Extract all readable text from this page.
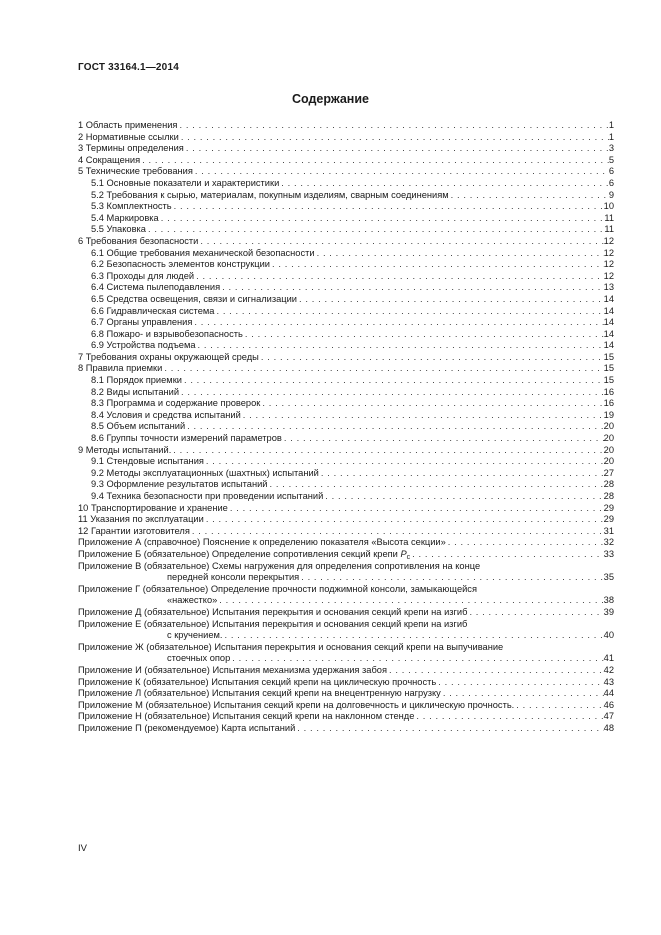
ГОСТ 33164.1—2014
Содержание
1 Область применения . . .	1
2 Нормативные ссылки . . .	1
3 Термины определения . . .	3
4 Сокращения . . .	5
5 Технические требования . . .	6
5.1 Основные показатели и характеристики . . .	6
5.2 Требования к сырью, материалам, покупным изделиям, сварным соединениям . . .	9
5.3 Комплектность . . .	10
5.4 Маркировка . . .	11
5.5 Упаковка . . .	11
6 Требования безопасности . . .	12
6.1 Общие требования механической безопасности . . .	12
6.2 Безопасность элементов конструкции . . .	12
6.3 Проходы для людей . . .	12
6.4 Система пылеподавления . . .	13
6.5 Средства освещения, связи и сигнализации . . .	14
6.6 Гидравлическая система . . .	14
6.7 Органы управления . . .	14
6.8 Пожаро- и взрывобезопасность . . .	14
6.9 Устройства подъема . . .	14
7 Требования охраны окружающей среды . . .	15
8 Правила приемки . . .	15
8.1 Порядок приемки . . .	15
8.2 Виды испытаний . . .	16
8.3 Программа и содержание проверок . . .	16
8.4 Условия и средства испытаний . . .	19
8.5 Объем испытаний . . .	20
8.6 Группы точности измерений параметров . . .	20
9 Методы испытаний. . . .	20
9.1 Стендовые испытания . . .	20
9.2 Методы эксплуатационных (шахтных) испытаний . . .	27
9.3 Оформление результатов испытаний . . .	28
9.4 Техника безопасности при проведении испытаний . . .	28
10 Транспортирование и хранение . . .	29
11 Указания по эксплуатации . . .	29
12 Гарантии изготовителя . . .	31
Приложение А (справочное) Пояснение к определению показателя «Высота секции» . . .	32
Приложение Б (обязательное) Определение сопротивления секций крепи $P_c$ . . .	33
Приложение В (обязательное) Схемы нагружения для определения сопротивления на конце
передней консоли перекрытия . . .	35
Приложение Г (обязательное) Определение прочности поджимной консоли, замыкающейся
«нажестко» . . .	38
Приложение Д (обязательное) Испытания перекрытия и основания секций крепи на изгиб . . .	39
Приложение Е (обязательное) Испытания перекрытия и основания секций крепи на изгиб
с кручением. . . .	40
Приложение Ж (обязательное) Испытания перекрытия и основания секций крепи на выпучивание
стоечных опор . . .	41
Приложение И (обязательное) Испытания механизма удержания забоя . . .	42
Приложение К (обязательное) Испытания секций крепи на циклическую прочность . . .	43
Приложение Л (обязательное) Испытания секций крепи на внецентренную нагрузку . . .	44
Приложение М (обязательное) Испытания секций крепи на долговечность и циклическую прочность. . . .	46
Приложение Н (обязательное) Испытания секций крепи на наклонном стенде . . .	47
Приложение П (рекомендуемое) Карта испытаний . . .	48
IV
